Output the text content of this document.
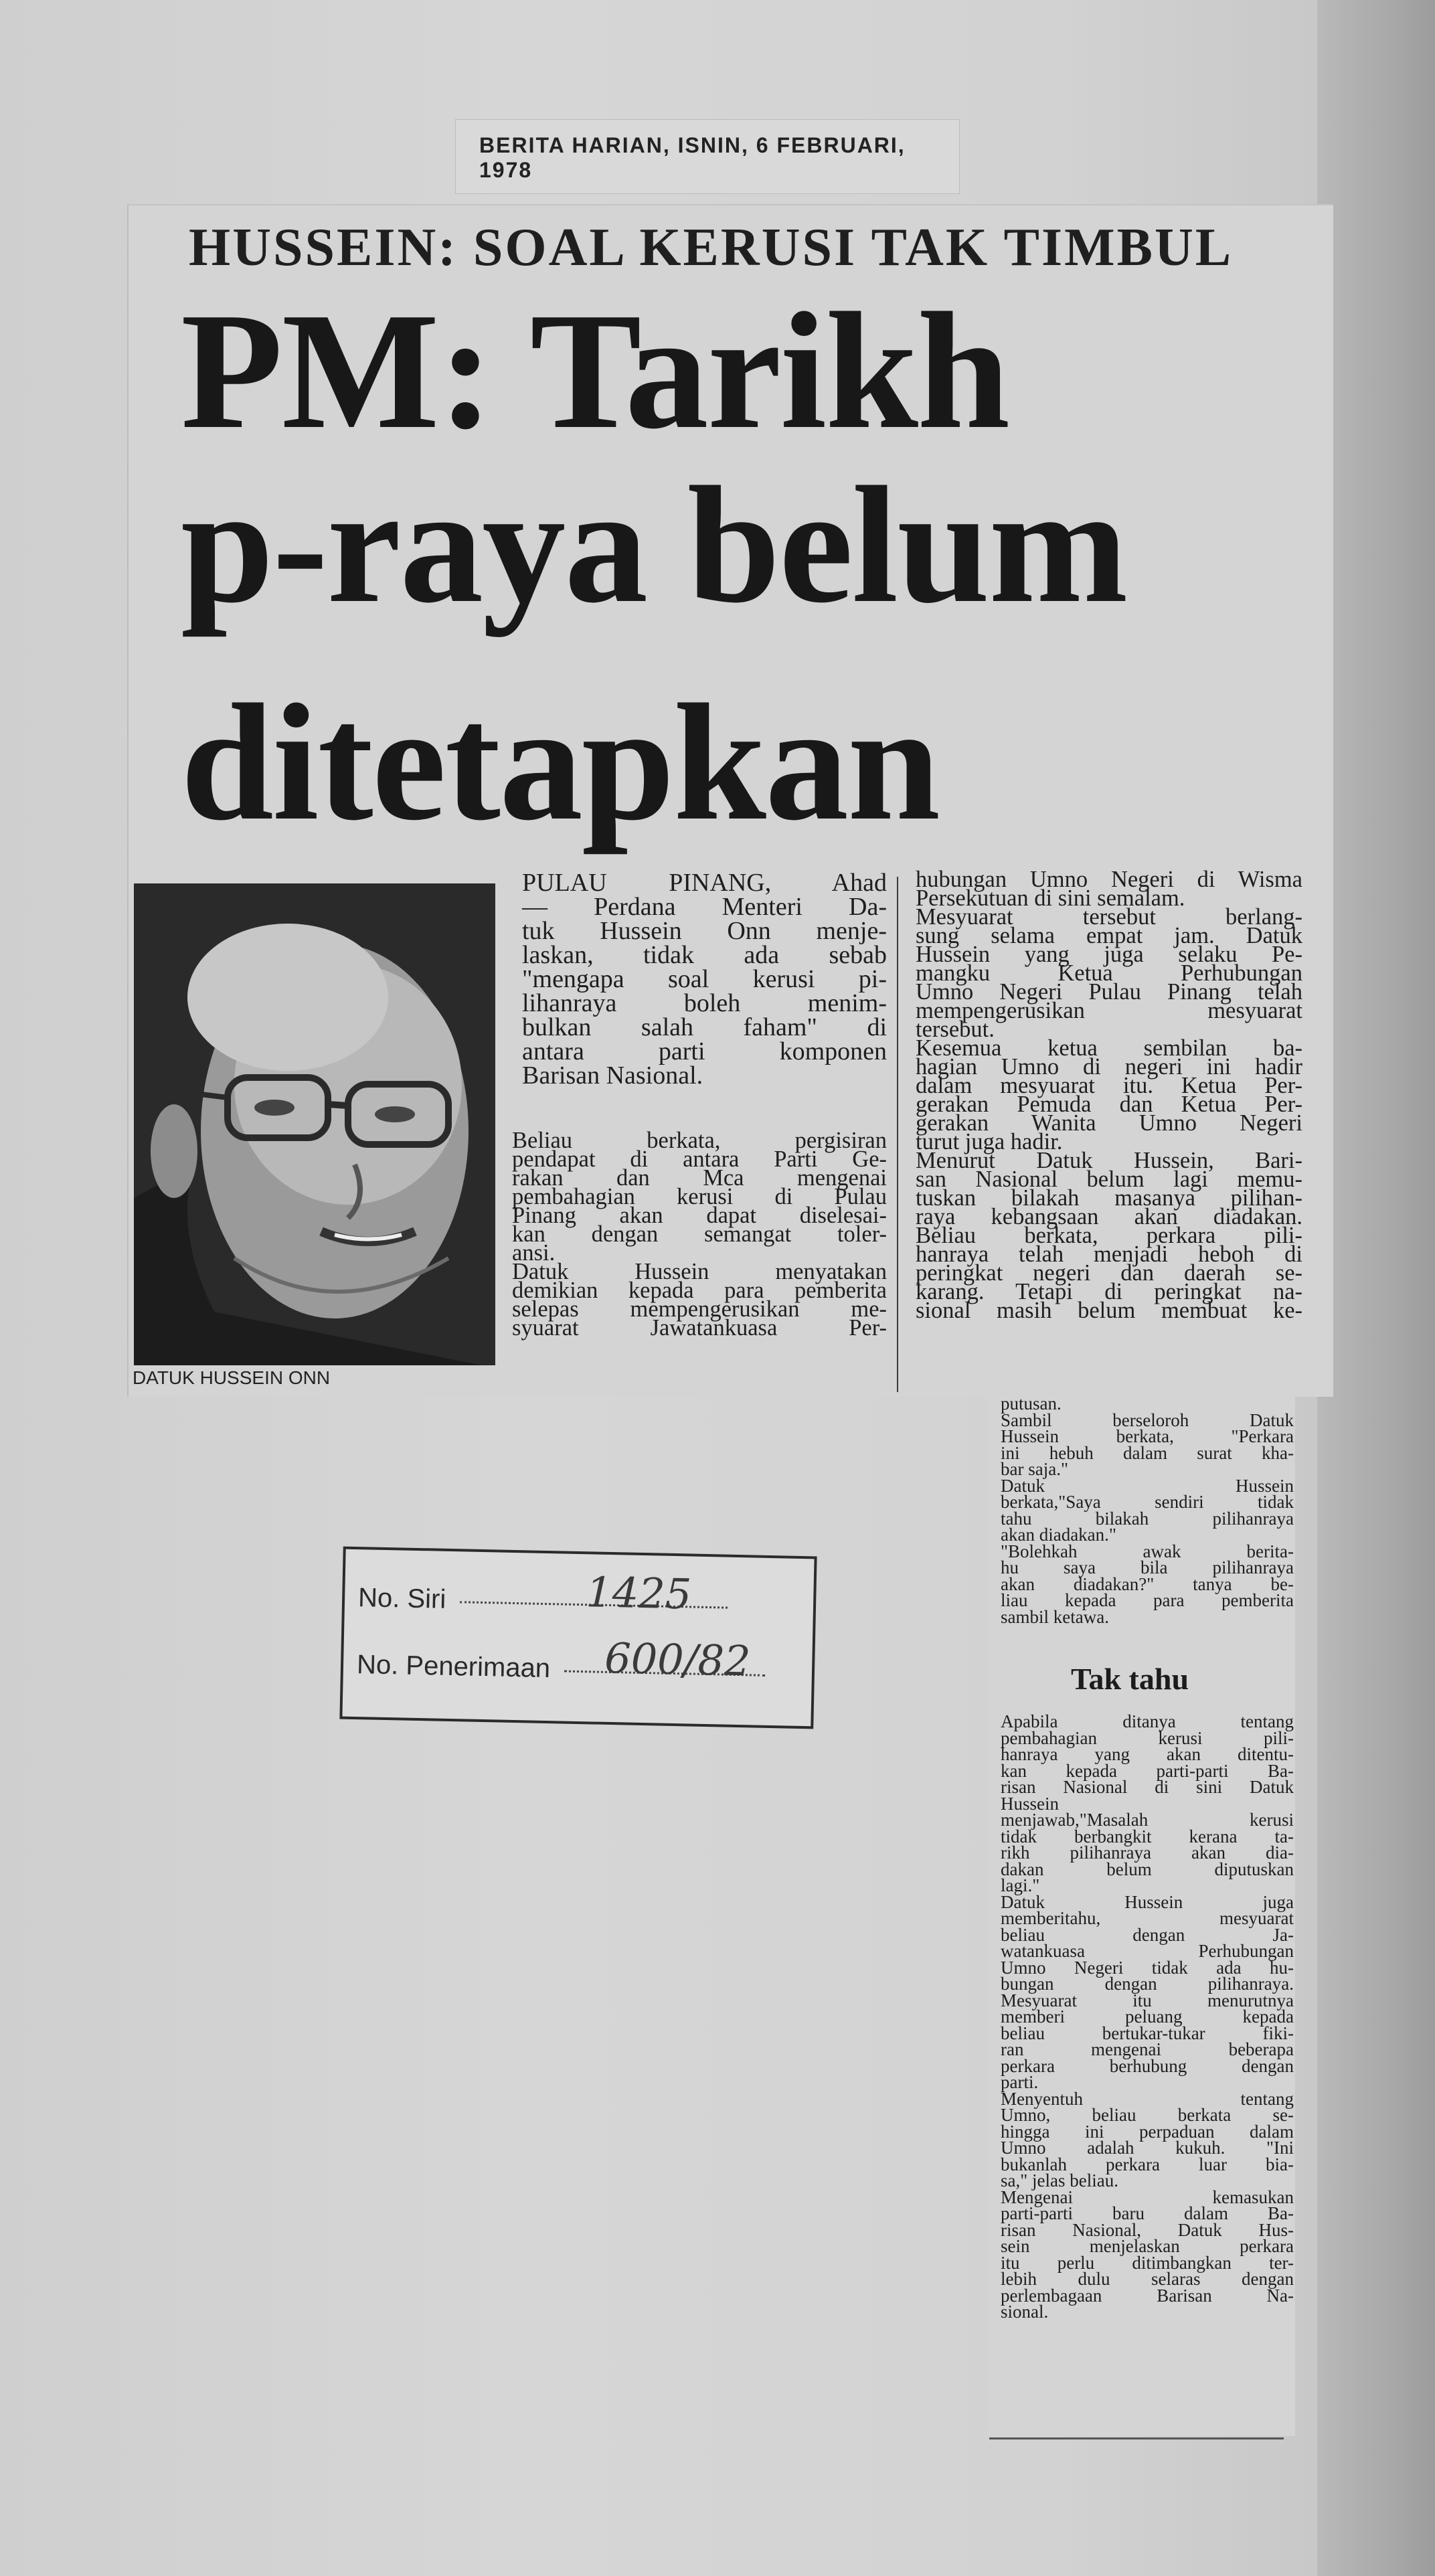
BERITA HARIAN, ISNIN, 6 FEBRUARI, 1978
HUSSEIN: SOAL KERUSI TAK TIMBUL
PM: Tarikh
p-raya belum
ditetapkan
DATUK HUSSEIN ONN
PULAU PINANG, Ahad
— Perdana Menteri Da-
tuk Hussein Onn menje-
laskan, tidak ada sebab
"mengapa soal kerusi pi-
lihanraya boleh menim-
bulkan salah faham" di
antara parti komponen
Barisan Nasional.
Beliau berkata, pergisiran
pendapat di antara Parti Ge-
rakan dan Mca mengenai
pembahagian kerusi di Pulau
Pinang akan dapat diselesai-
kan dengan semangat toler-
ansi.
Datuk Hussein menyatakan
demikian kepada para pemberita
selepas mempengerusikan me-
syuarat Jawatankuasa Per-
hubungan Umno Negeri di Wisma
Persekutuan di sini semalam.
Mesyuarat tersebut berlang-
sung selama empat jam. Datuk
Hussein yang juga selaku Pe-
mangku Ketua Perhubungan
Umno Negeri Pulau Pinang telah
mempengerusikan mesyuarat
tersebut.
Kesemua ketua sembilan ba-
hagian Umno di negeri ini hadir
dalam mesyuarat itu. Ketua Per-
gerakan Pemuda dan Ketua Per-
gerakan Wanita Umno Negeri
turut juga hadir.
Menurut Datuk Hussein, Bari-
san Nasional belum lagi memu-
tuskan bilakah masanya pilihan-
raya kebangsaan akan diadakan.
Beliau berkata, perkara pili-
hanraya telah menjadi heboh di
peringkat negeri dan daerah se-
karang. Tetapi di peringkat na-
sional masih belum membuat ke-
putusan.
Sambil berseloroh Datuk
Hussein berkata, "Perkara
ini hebuh dalam surat kha-
bar saja."
Datuk Hussein
berkata,"Saya sendiri tidak
tahu bilakah pilihanraya
akan diadakan."
"Bolehkah awak berita-
hu saya bila pilihanraya
akan diadakan?" tanya be-
liau kepada para pemberita
sambil ketawa.
Tak tahu
Apabila ditanya tentang
pembahagian kerusi pili-
hanraya yang akan ditentu-
kan kepada parti-parti Ba-
risan Nasional di sini Datuk
Hussein
menjawab,"Masalah kerusi
tidak berbangkit kerana ta-
rikh pilihanraya akan dia-
dakan belum diputuskan
lagi."
Datuk Hussein juga
memberitahu, mesyuarat
beliau dengan Ja-
watankuasa Perhubungan
Umno Negeri tidak ada hu-
bungan dengan pilihanraya.
Mesyuarat itu menurutnya
memberi peluang kepada
beliau bertukar-tukar fiki-
ran mengenai beberapa
perkara berhubung dengan
parti.
Menyentuh tentang
Umno, beliau berkata se-
hingga ini perpaduan dalam
Umno adalah kukuh. "Ini
bukanlah perkara luar bia-
sa," jelas beliau.
Mengenai kemasukan
parti-parti baru dalam Ba-
risan Nasional, Datuk Hus-
sein menjelaskan perkara
itu perlu ditimbangkan ter-
lebih dulu selaras dengan
perlembagaan Barisan Na-
sional.
No. Siri	1425
No. Penerimaan	600/82
